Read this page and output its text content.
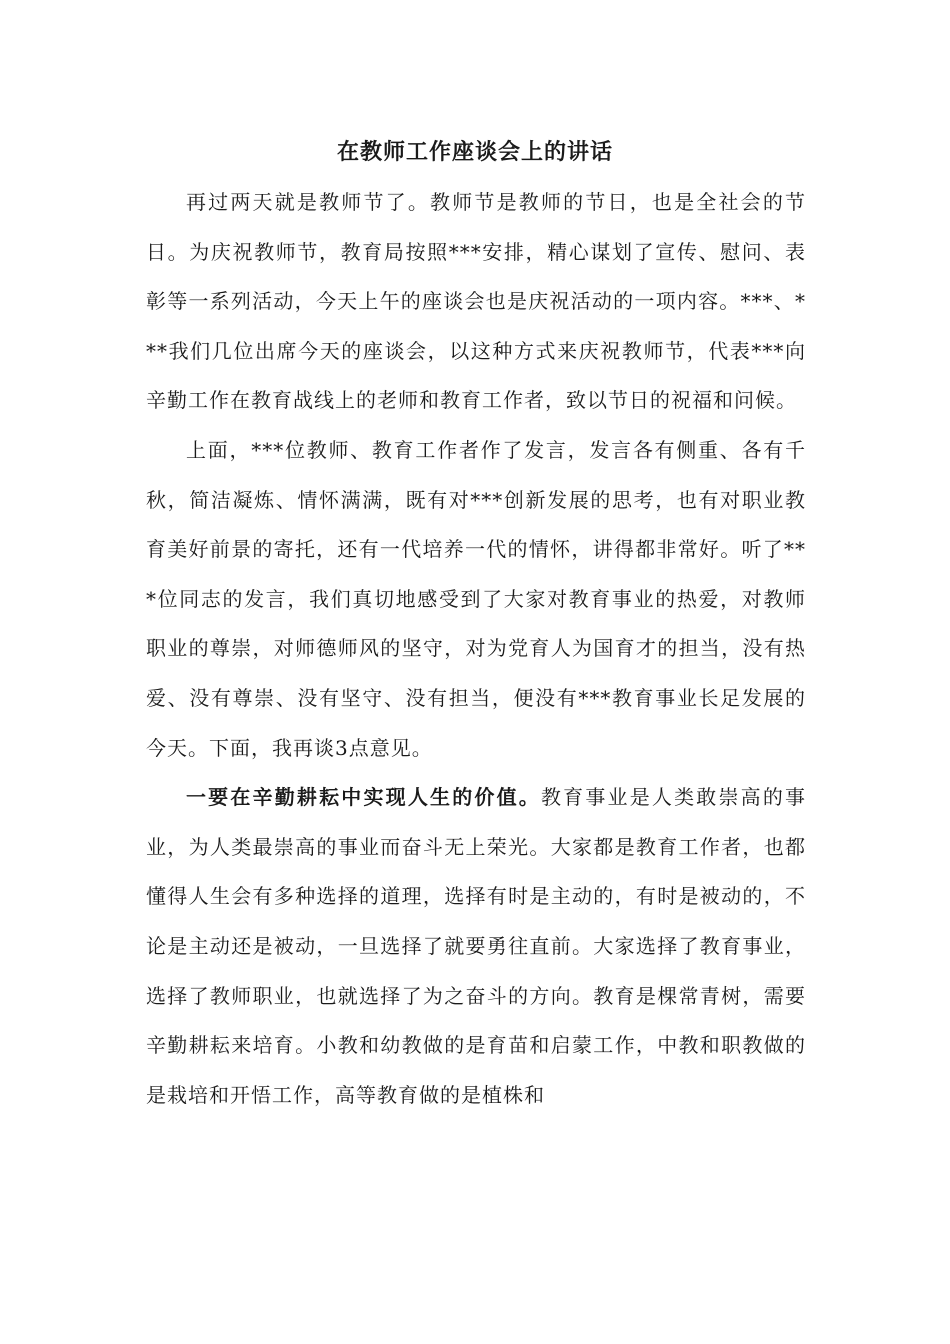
在教师工作座谈会上的讲话

再过两天就是教师节了。教师节是教师的节日，也是全社会的节日。为庆祝教师节，教育局按照***安排，精心谋划了宣传、慰问、表彰等一系列活动，今天上午的座谈会也是庆祝活动的一项内容。***、***我们几位出席今天的座谈会，以这种方式来庆祝教师节，代表***向辛勤工作在教育战线上的老师和教育工作者，致以节日的祝福和问候。

上面，***位教师、教育工作者作了发言，发言各有侧重、各有千秋，简洁凝炼、情怀满满，既有对***创新发展的思考，也有对职业教育美好前景的寄托，还有一代培养一代的情怀，讲得都非常好。听了***位同志的发言，我们真切地感受到了大家对教育事业的热爱，对教师职业的尊崇，对师德师风的坚守，对为党育人为国育才的担当，没有热爱、没有尊崇、没有坚守、没有担当，便没有***教育事业长足发展的今天。下面，我再谈3点意见。

一要在辛勤耕耘中实现人生的价值。教育事业是人类敢崇高的事业，为人类最崇高的事业而奋斗无上荣光。大家都是教育工作者，也都懂得人生会有多种选择的道理，选择有时是主动的，有时是被动的，不论是主动还是被动，一旦选择了就要勇往直前。大家选择了教育事业，选择了教师职业，也就选择了为之奋斗的方向。教育是棵常青树，需要辛勤耕耘来培育。小教和幼教做的是育苗和启蒙工作，中教和职教做的是栽培和开悟工作，高等教育做的是植株和
